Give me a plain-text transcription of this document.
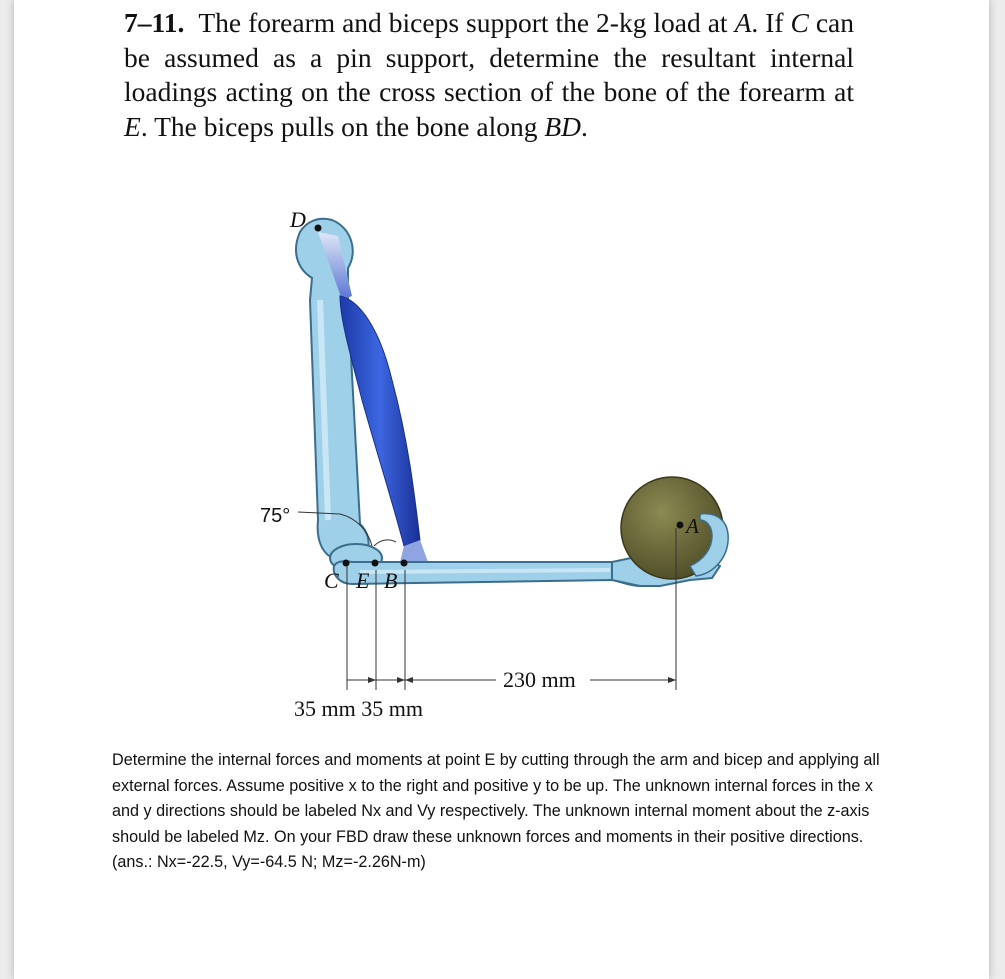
7–11. The forearm and biceps support the 2-kg load at A. If C can be assumed as a pin support, determine the resultant internal loadings acting on the cross section of the bone of the forearm at E. The biceps pulls on the bone along BD.

D
A
C E B
75°
230 mm
35 mm 35 mm

Determine the internal forces and moments at point E by cutting through the arm and bicep and applying all external forces. Assume positive x to the right and positive y to be up. The unknown internal forces in the x and y directions should be labeled Nx and Vy respectively. The unknown internal moment about the z-axis should be labeled Mz. On your FBD draw these unknown forces and moments in their positive directions. (ans.: Nx=-22.5, Vy=-64.5 N; Mz=-2.26N-m)
